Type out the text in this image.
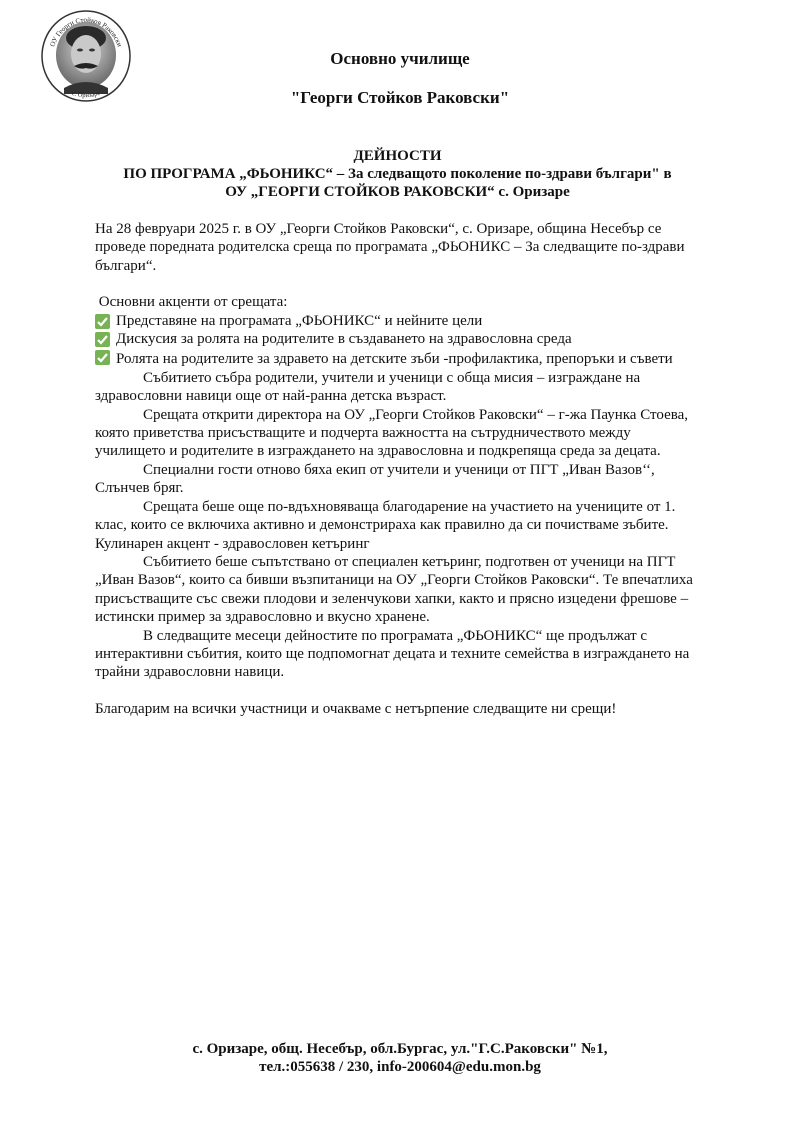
ОУ Георги Стойков Раковски
с. Оризаре
Основно училище
"Георги Стойков Раковски"
ДЕЙНОСТИ
ПО ПРОГРАМА „ФЬОНИКС“ – За следващото поколение по-здрави българи" в
ОУ „ГЕОРГИ СТОЙКОВ РАКОВСКИ“ с. Оризаре

На 28 февруари 2025 г. в ОУ „Георги Стойков Раковски“, с. Оризаре, община Несебър се проведе поредната родителска среща по програмата „ФЬОНИКС – За следващите по-здрави българи“.

Основни акценти от срещата:

Представяне на програмата „ФЬОНИКС“ и нейните цели
Дискусия за ролята на родителите в създаването на здравословна среда

Ролята на родителите за здравето на детските зъби -профилактика, препоръки и съвети

Събитието събра родители, учители и ученици с обща мисия – изграждане на здравословни навици още от най-ранна детска възраст.

Срещата открити директора на ОУ „Георги Стойков Раковски“ – г-жа Паунка Стоева, която приветства присъстващите и подчерта важността на сътрудничеството между училището и родителите в изграждането на здравословна и подкрепяща среда за децата.

Специални гости отново бяха екип от учители и ученици от ПГТ „Иван Вазов‘‘, Слънчев бряг.

Срещата беше още по-вдъхновяваща благодарение на участието на учениците от 1. клас, които се включиха активно и демонстрираха как правилно да си почистваме зъбите.

Кулинарен акцент - здравословен кетъринг

Събитието беше съпътствано от специален кетъринг, подготвен от ученици на ПГТ „Иван Вазов“, които са бивши възпитаници на ОУ „Георги Стойков Раковски“. Те впечатлиха присъстващите със свежи плодови и зеленчукови хапки, както и прясно изцедени фрешове – истински пример за здравословно и вкусно хранене.

В следващите месеци дейностите по програмата „ФЬОНИКС“ ще продължат с интерактивни събития, които ще подпомогнат децата и техните семейства в изграждането на трайни здравословни навици.

Благодарим на всички участници и очакваме с нетърпение следващите ни срещи!

с. Оризаре, общ. Несебър, обл.Бургас, ул."Г.С.Раковски" №1,
тел.:055638 / 230, info-200604@edu.mon.bg
